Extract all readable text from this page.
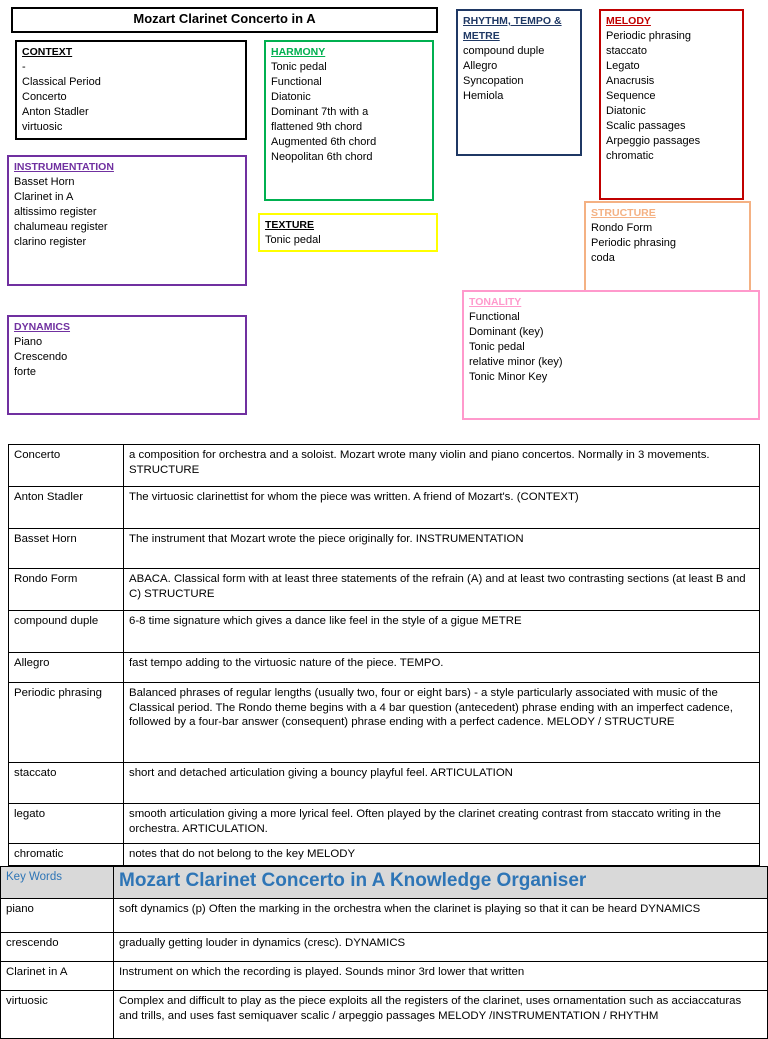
Mozart Clarinet Concerto in A
CONTEXT
-
Classical Period
Concerto
Anton Stadler
virtuosic
HARMONY
Tonic pedal
Functional
Diatonic
Dominant 7th with a
flattened 9th chord
Augmented 6th chord
Neopolitan 6th chord
RHYTHM, TEMPO & METRE
compound duple
Allegro
Syncopation
Hemiola
MELODY
Periodic phrasing
staccato
Legato
Anacrusis
Sequence
Diatonic
Scalic passages
Arpeggio passages
chromatic
INSTRUMENTATION
Basset Horn
Clarinet in A
altissimo register
chalumeau register
clarino register
TEXTURE
Tonic pedal
STRUCTURE
Rondo Form
Periodic phrasing
coda
DYNAMICS
Piano
Crescendo
forte
TONALITY
Functional
Dominant (key)
Tonic pedal
relative minor (key)
Tonic Minor Key
Concerto	a composition for orchestra and a soloist. Mozart wrote many violin and piano concertos. Normally in 3 movements. STRUCTURE
Anton Stadler	The virtuosic clarinettist for whom the piece was written. A friend of Mozart's. (CONTEXT)
Basset Horn	The instrument that Mozart wrote the piece originally for. INSTRUMENTATION
Rondo Form	ABACA. Classical form with at least three statements of the refrain (A) and at least two contrasting sections (at least B and C) STRUCTURE
compound duple	6-8 time signature which gives a dance like feel in the style of a gigue METRE
Allegro	fast tempo adding to the virtuosic nature of the piece. TEMPO.
Periodic phrasing	Balanced phrases of regular lengths (usually two, four or eight bars) - a style particularly associated with music of the Classical period. The Rondo theme begins with a 4 bar question (antecedent) phrase ending with an imperfect cadence, followed by a four-bar answer (consequent) phrase ending with a perfect cadence. MELODY / STRUCTURE
staccato	short and detached articulation giving a bouncy playful feel. ARTICULATION
legato	smooth articulation giving a more lyrical feel. Often played by the clarinet creating contrast from staccato writing in the orchestra. ARTICULATION.
chromatic	notes that do not belong to the key MELODY
Key Words	Mozart Clarinet Concerto in A Knowledge Organiser
piano	soft dynamics (p) Often the marking in the orchestra when the clarinet is playing so that it can be heard DYNAMICS
crescendo	gradually getting louder in dynamics (cresc). DYNAMICS
Clarinet in A	Instrument on which the recording is played. Sounds minor 3rd lower that written
virtuosic	Complex and difficult to play as the piece exploits all the registers of the clarinet, uses ornamentation such as acciaccaturas and trills, and uses fast semiquaver scalic / arpeggio passages MELODY /INSTRUMENTATION / RHYTHM
